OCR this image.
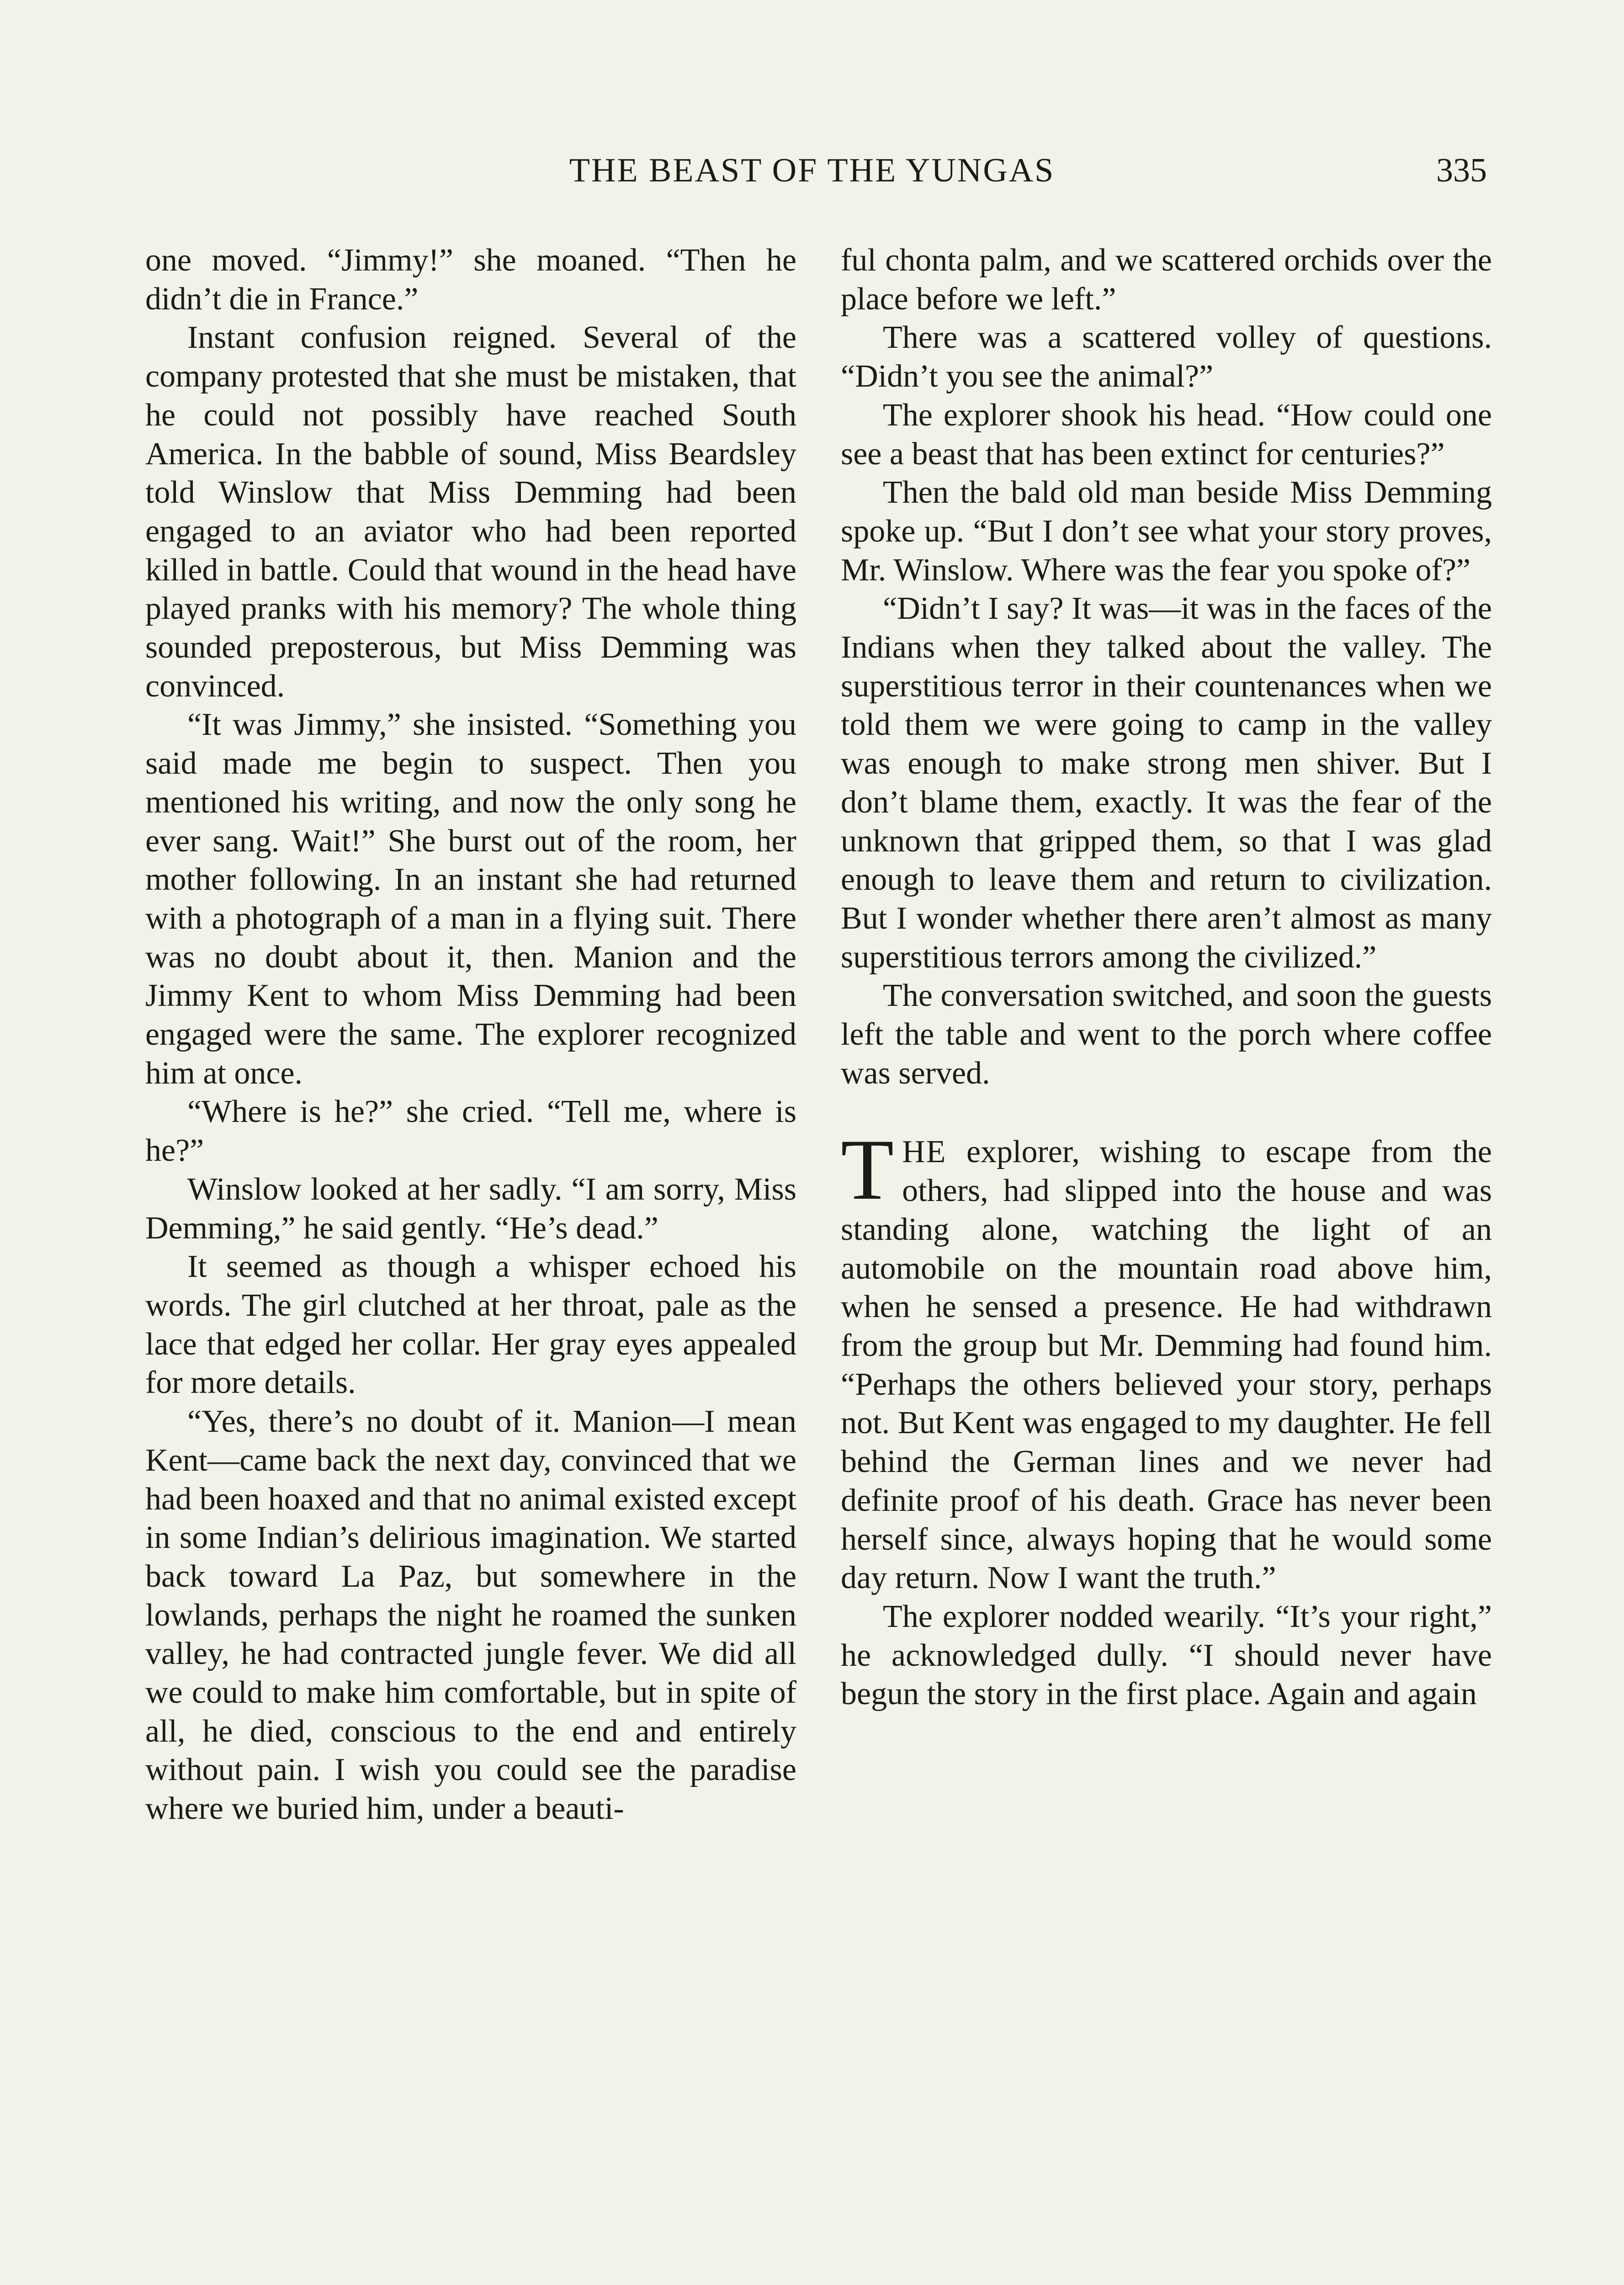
THE BEAST OF THE YUNGAS	335

one moved. “Jimmy!” she moaned. “Then he didn’t die in France.”

Instant confusion reigned. Several of the company protested that she must be mistaken, that he could not possibly have reached South America. In the babble of sound, Miss Beardsley told Winslow that Miss Demming had been engaged to an aviator who had been reported killed in battle. Could that wound in the head have played pranks with his memory? The whole thing sounded preposterous, but Miss Demming was convinced.

“It was Jimmy,” she insisted. “Something you said made me begin to suspect. Then you mentioned his writing, and now the only song he ever sang. Wait!” She burst out of the room, her mother following. In an instant she had returned with a photograph of a man in a flying suit. There was no doubt about it, then. Manion and the Jimmy Kent to whom Miss Demming had been engaged were the same. The explorer recognized him at once.

“Where is he?” she cried. “Tell me, where is he?”

Winslow looked at her sadly. “I am sorry, Miss Demming,” he said gently. “He’s dead.”

It seemed as though a whisper echoed his words. The girl clutched at her throat, pale as the lace that edged her collar. Her gray eyes appealed for more details.

“Yes, there’s no doubt of it. Manion—I mean Kent—came back the next day, convinced that we had been hoaxed and that no animal existed except in some Indian’s delirious imagination. We started back toward La Paz, but somewhere in the lowlands, perhaps the night he roamed the sunken valley, he had contracted jungle fever. We did all we could to make him comfortable, but in spite of all, he died, conscious to the end and entirely without pain. I wish you could see the paradise where we buried him, under a beauti-

ful chonta palm, and we scattered orchids over the place before we left.”

There was a scattered volley of questions. “Didn’t you see the animal?”

The explorer shook his head. “How could one see a beast that has been extinct for centuries?”

Then the bald old man beside Miss Demming spoke up. “But I don’t see what your story proves, Mr. Winslow. Where was the fear you spoke of?”

“Didn’t I say? It was—it was in the faces of the Indians when they talked about the valley. The superstitious terror in their countenances when we told them we were going to camp in the valley was enough to make strong men shiver. But I don’t blame them, exactly. It was the fear of the unknown that gripped them, so that I was glad enough to leave them and return to civilization. But I wonder whether there aren’t almost as many superstitious terrors among the civilized.”

The conversation switched, and soon the guests left the table and went to the porch where coffee was served.

THE explorer, wishing to escape from the others, had slipped into the house and was standing alone, watching the light of an automobile on the mountain road above him, when he sensed a presence. He had withdrawn from the group but Mr. Demming had found him. “Perhaps the others believed your story, perhaps not. But Kent was engaged to my daughter. He fell behind the German lines and we never had definite proof of his death. Grace has never been herself since, always hoping that he would some day return. Now I want the truth.”

The explorer nodded wearily. “It’s your right,” he acknowledged dully. “I should never have begun the story in the first place. Again and again
